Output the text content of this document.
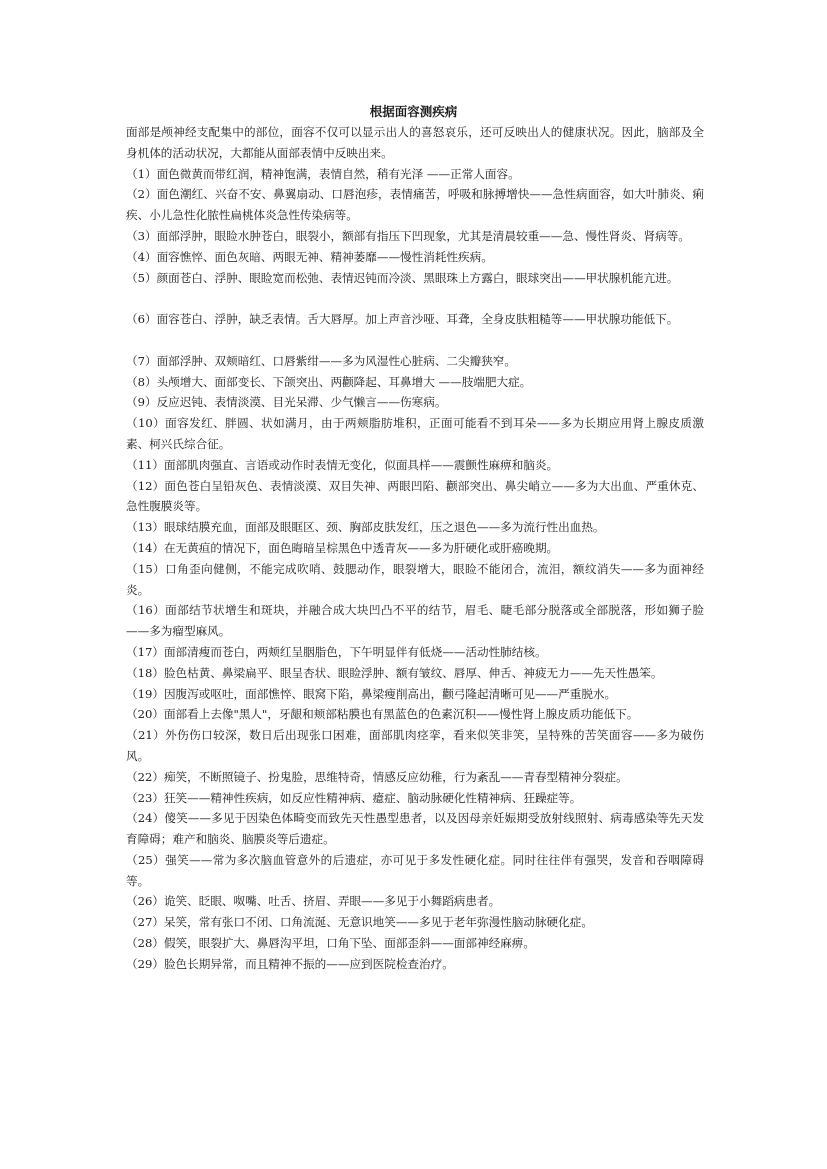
根据面容测疾病

面部是颅神经支配集中的部位，面容不仅可以显示出人的喜怒哀乐，还可反映出人的健康状况。因此，脑部及全身机体的活动状况，大都能从面部表情中反映出来。

（1）面色微黄而带红润，精神饱满，表情自然，稍有光泽 ——正常人面容。

（2）面色潮红、兴奋不安、鼻翼扇动、口唇泡疹，表情痛苦，呼吸和脉搏增快——急性病面容，如大叶肺炎、痢疾、小儿急性化脓性扁桃体炎急性传染病等。

（3）面部浮肿，眼睑水肿苍白，眼裂小，额部有指压下凹现象，尤其是清晨较重——急、慢性肾炎、肾病等。

（4）面容憔悴、面色灰暗、两眼无神、精神萎靡——慢性消耗性疾病。

（5）颜面苍白、浮肿、眼睑宽而松弛、表情迟钝而冷淡、黑眼珠上方露白，眼球突出——甲状腺机能亢进。

（6）面容苍白、浮肿，缺乏表情。舌大唇厚。加上声音沙哑、耳聋，全身皮肤粗糙等——甲状腺功能低下。

（7）面部浮肿、双颊暗红、口唇紫绀——多为风湿性心脏病、二尖瓣狭窄。

（8）头颅增大、面部变长、下颌突出、两颧降起、耳鼻增大 ——肢端肥大症。

（9）反应迟钝、表情淡漠、目光呆滞、少气懒言——伤寒病。

（10）面容发红、胖圆、状如满月，由于两颊脂肪堆积，正面可能看不到耳朵——多为长期应用肾上腺皮质激素、柯兴氏综合征。

（11）面部肌肉强直、言语或动作时表情无变化，似面具样——震颤性麻痹和脑炎。

（12）面色苍白呈铅灰色、表情淡漠、双目失神、两眼凹陷、颧部突出、鼻尖峭立——多为大出血、严重休克、急性腹膜炎等。

（13）眼球结膜充血，面部及眼眶区、颈、胸部皮肤发红，压之退色——多为流行性出血热。

（14）在无黄疸的情况下，面色晦暗呈棕黑色中透青灰——多为肝硬化或肝癌晚期。

（15）口角歪向健侧，不能完成吹哨、鼓腮动作，眼裂增大，眼睑不能闭合，流泪，额纹消失——多为面神经炎。

（16）面部结节状增生和斑块，并融合成大块凹凸不平的结节，眉毛、睫毛部分脱落或全部脱落，形如狮子脸——多为瘤型麻风。

（17）面部清瘦而苍白，两颊红呈胭脂色，下午明显伴有低烧——活动性肺结核。

（18）脸色枯黄、鼻梁扁平、眼呈杏状、眼睑浮肿、额有皱纹、唇厚、伸舌、神疲无力——先天性愚笨。

（19）因腹泻或呕吐，面部憔悴、眼窝下陷，鼻梁瘦削高出，颧弓隆起清晰可见——严重脱水。

（20）面部看上去像"黑人"，牙龈和颊部粘膜也有黑蓝色的色素沉积——慢性肾上腺皮质功能低下。

（21）外伤伤口较深，数日后出现张口困难，面部肌肉痉挛，看来似笑非笑，呈特殊的苦笑面容——多为破伤风。

（22）痴笑，不断照镜子、扮鬼脸，思维特奇，情感反应幼稚，行为紊乱——青春型精神分裂症。

（23）狂笑——精神性疾病，如反应性精神病、癔症、脑动脉硬化性精神病、狂躁症等。

（24）傻笑——多见于因染色体畸变而致先天性愚型患者，以及因母亲妊娠期受放射线照射、病毒感染等先天发育障碍；难产和脑炎、脑膜炎等后遗症。

（25）强笑——常为多次脑血管意外的后遗症，亦可见于多发性硬化症。同时往往伴有强哭，发音和吞咽障碍等。

（26）诡笑、眨眼、呶嘴、吐舌、挤眉、弄眼——多见于小舞蹈病患者。

（27）呆笑，常有张口不闭、口角流涎、无意识地笑——多见于老年弥漫性脑动脉硬化症。

（28）假笑，眼裂扩大、鼻唇沟平坦，口角下坠、面部歪斜——面部神经麻痹。

（29）脸色长期异常，而且精神不振的——应到医院检查治疗。
